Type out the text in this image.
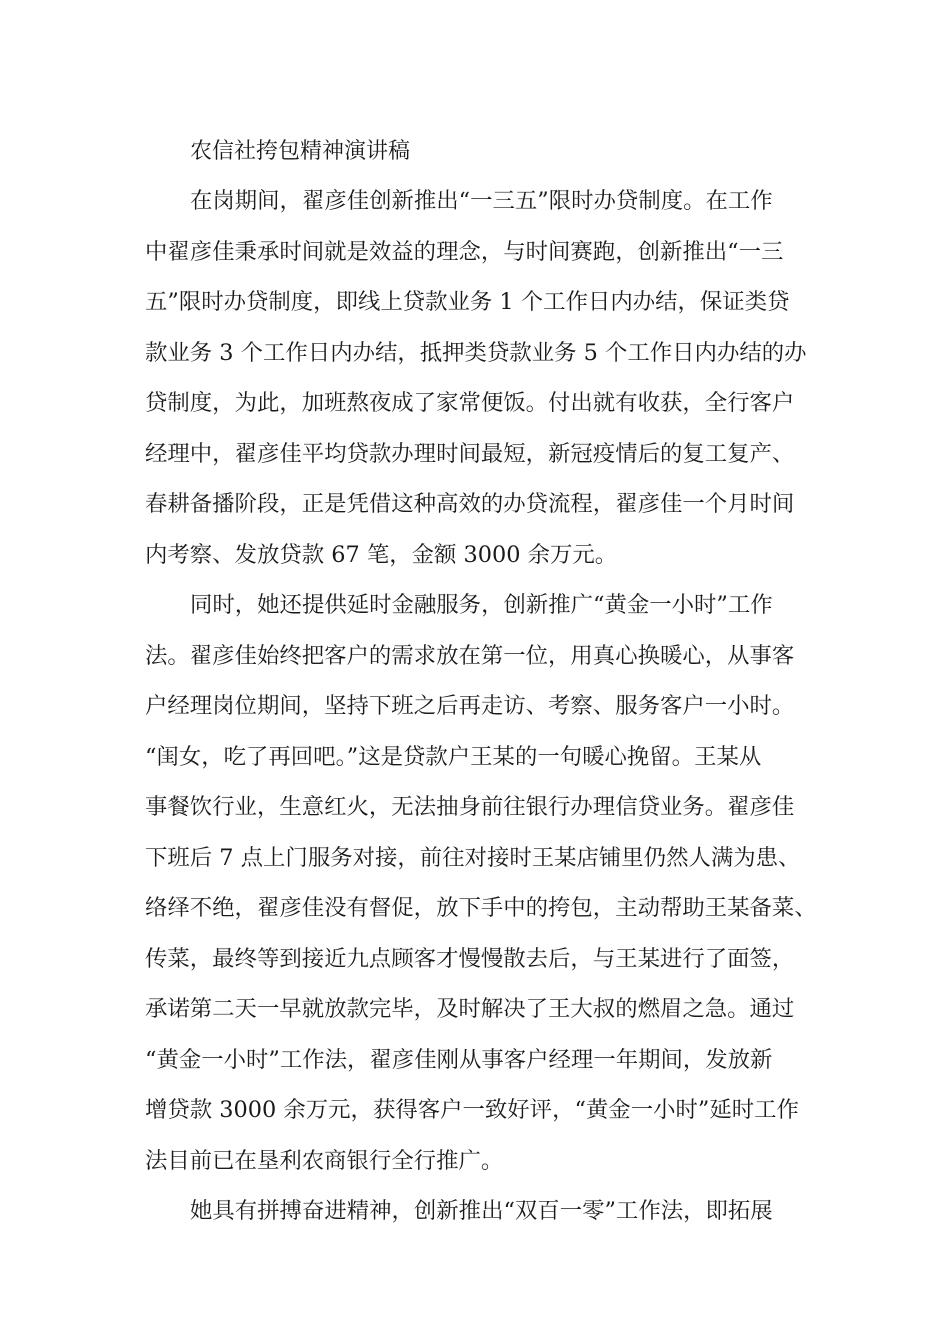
农信社挎包精神演讲稿
在岗期间，翟彦佳创新推出“一三五”限时办贷制度。在工作
中翟彦佳秉承时间就是效益的理念，与时间赛跑，创新推出“一三
五”限时办贷制度，即线上贷款业务 1 个工作日内办结，保证类贷
款业务 3 个工作日内办结，抵押类贷款业务 5 个工作日内办结的办
贷制度，为此，加班熬夜成了家常便饭。付出就有收获，全行客户
经理中，翟彦佳平均贷款办理时间最短，新冠疫情后的复工复产、
春耕备播阶段，正是凭借这种高效的办贷流程，翟彦佳一个月时间
内考察、发放贷款 67 笔，金额 3000 余万元。
同时，她还提供延时金融服务，创新推广“黄金一小时”工作
法。翟彦佳始终把客户的需求放在第一位，用真心换暖心，从事客
户经理岗位期间，坚持下班之后再走访、考察、服务客户一小时。
“闺女，吃了再回吧。”这是贷款户王某的一句暖心挽留。王某从
事餐饮行业，生意红火，无法抽身前往银行办理信贷业务。翟彦佳
下班后 7 点上门服务对接，前往对接时王某店铺里仍然人满为患、
络绎不绝，翟彦佳没有督促，放下手中的挎包，主动帮助王某备菜、
传菜，最终等到接近九点顾客才慢慢散去后，与王某进行了面签，
承诺第二天一早就放款完毕，及时解决了王大叔的燃眉之急。通过
“黄金一小时”工作法，翟彦佳刚从事客户经理一年期间，发放新
增贷款 3000 余万元，获得客户一致好评，“黄金一小时”延时工作
法目前已在垦利农商银行全行推广。
她具有拼搏奋进精神，创新推出“双百一零”工作法，即拓展
